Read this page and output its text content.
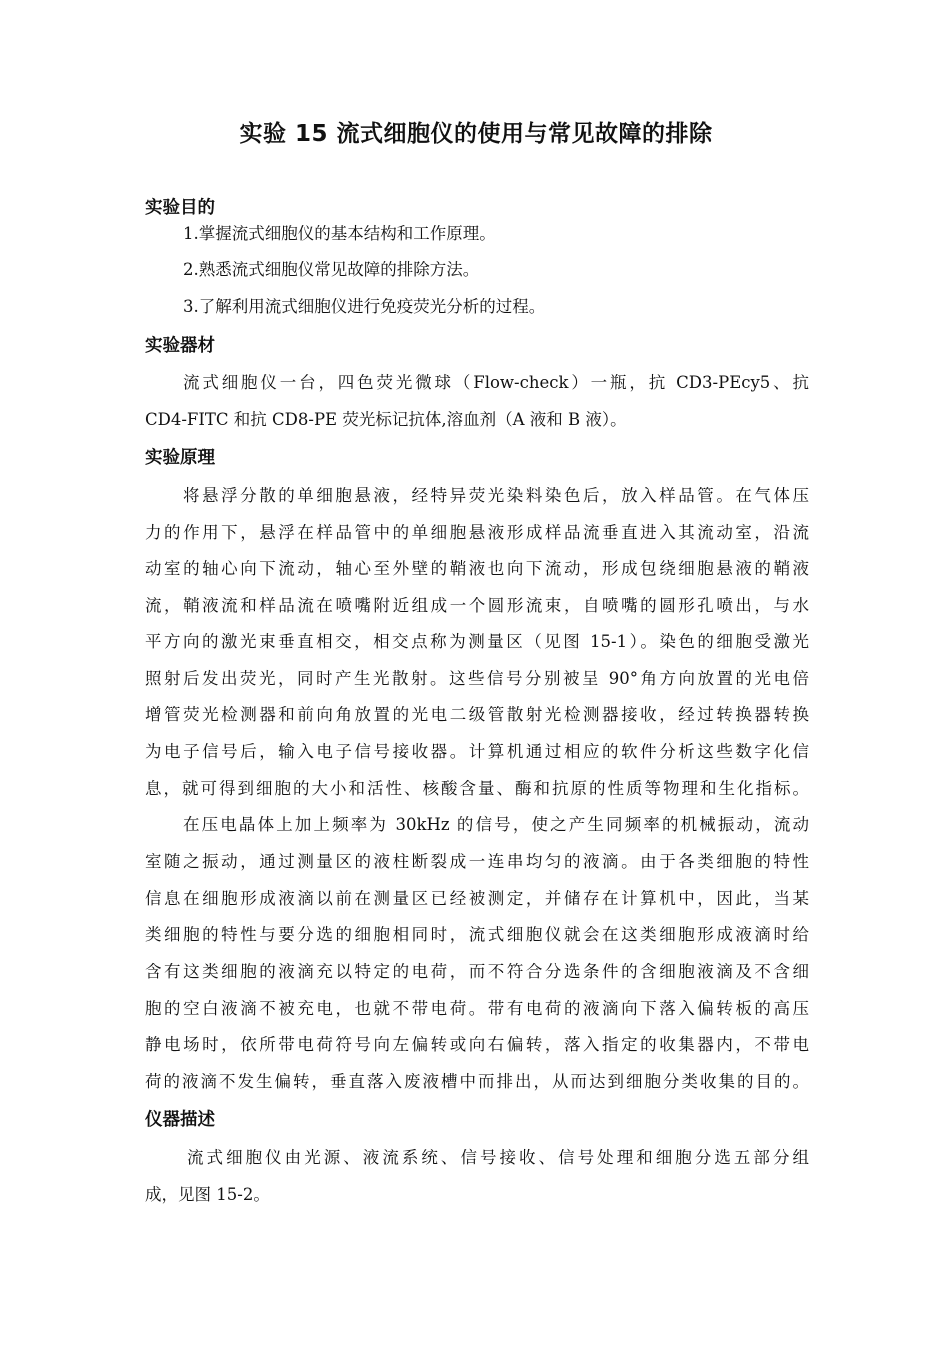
实验 15 流式细胞仪的使用与常见故障的排除
实验目的
1.掌握流式细胞仪的基本结构和工作原理。
2.熟悉流式细胞仪常见故障的排除方法。
3.了解利用流式细胞仪进行免疫荧光分析的过程。
实验器材
流式细胞仪一台，四色荧光微球（Flow-check）一瓶，抗 CD3-PEcy5、抗
CD4-FITC 和抗 CD8-PE 荧光标记抗体,溶血剂（A 液和 B 液）。
实验原理
将悬浮分散的单细胞悬液，经特异荧光染料染色后，放入样品管。在气体压
力的作用下，悬浮在样品管中的单细胞悬液形成样品流垂直进入其流动室，沿流
动室的轴心向下流动，轴心至外壁的鞘液也向下流动，形成包绕细胞悬液的鞘液
流，鞘液流和样品流在喷嘴附近组成一个圆形流束，自喷嘴的圆形孔喷出，与水
平方向的激光束垂直相交，相交点称为测量区（见图 15-1）。染色的细胞受激光
照射后发出荧光，同时产生光散射。这些信号分别被呈 90°角方向放置的光电倍
增管荧光检测器和前向角放置的光电二级管散射光检测器接收，经过转换器转换
为电子信号后，输入电子信号接收器。计算机通过相应的软件分析这些数字化信
息，就可得到细胞的大小和活性、核酸含量、酶和抗原的性质等物理和生化指标。
在压电晶体上加上频率为 30kHz 的信号，使之产生同频率的机械振动，流动
室随之振动，通过测量区的液柱断裂成一连串均匀的液滴。由于各类细胞的特性
信息在细胞形成液滴以前在测量区已经被测定，并储存在计算机中，因此，当某
类细胞的特性与要分选的细胞相同时，流式细胞仪就会在这类细胞形成液滴时给
含有这类细胞的液滴充以特定的电荷，而不符合分选条件的含细胞液滴及不含细
胞的空白液滴不被充电，也就不带电荷。带有电荷的液滴向下落入偏转板的高压
静电场时，依所带电荷符号向左偏转或向右偏转，落入指定的收集器内，不带电
荷的液滴不发生偏转，垂直落入废液槽中而排出，从而达到细胞分类收集的目的。
仪器描述
流式细胞仪由光源、液流系统、信号接收、信号处理和细胞分选五部分组
成，见图 15-2。
